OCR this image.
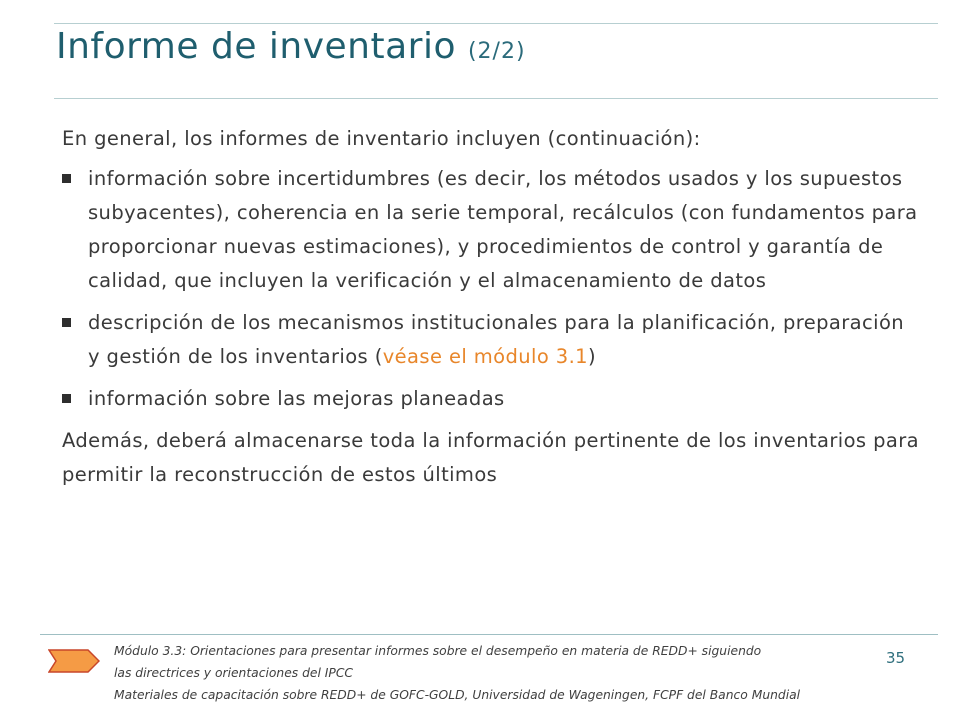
Informe de inventario (2/2)

En general, los informes de inventario incluyen (continuación):

información sobre incertidumbres (es decir, los métodos usados y los supuestos subyacentes), coherencia en la serie temporal, recálculos (con fundamentos para proporcionar nuevas estimaciones), y procedimientos de control y garantía de calidad, que incluyen la verificación y el almacenamiento de datos
descripción de los mecanismos institucionales para la planificación, preparación y gestión de los inventarios (véase el módulo 3.1)
información sobre las mejoras planeadas

Además, deberá almacenarse toda la información pertinente de los inventarios para permitir la reconstrucción de estos últimos

Módulo 3.3: Orientaciones para presentar informes sobre el desempeño en materia de REDD+ siguiendo

las directrices y orientaciones del IPCC

Materiales de capacitación sobre REDD+ de GOFC-GOLD, Universidad de Wageningen, FCPF del Banco Mundial

35
